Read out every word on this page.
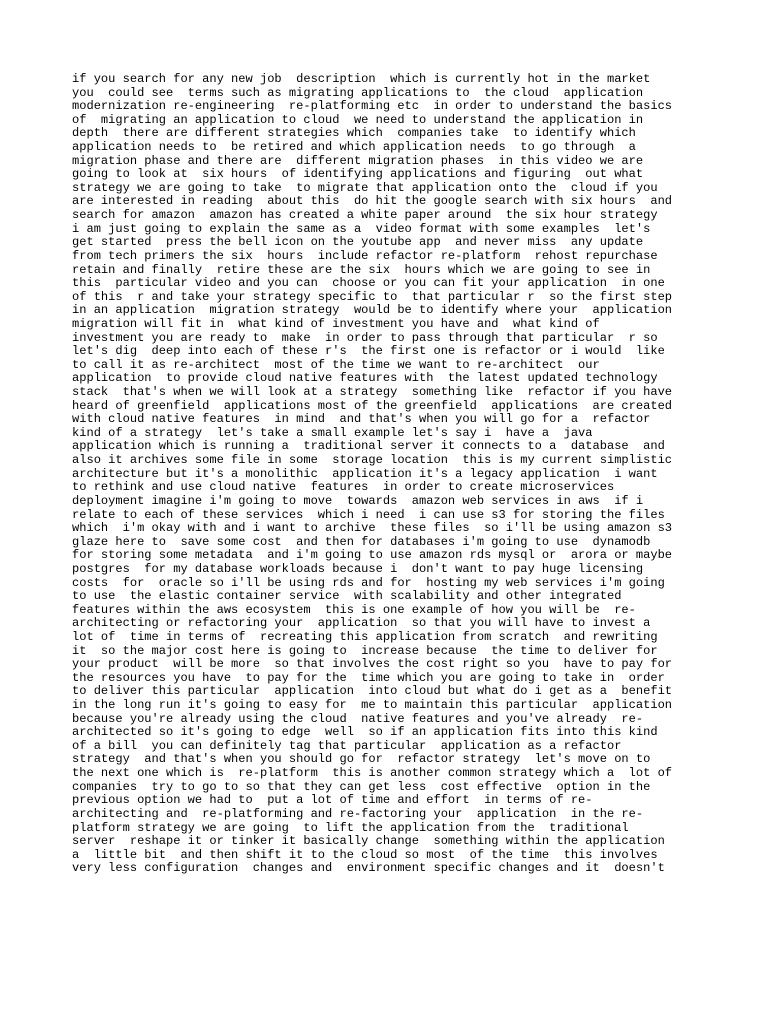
if you search for any new job  description  which is currently hot in the market
you  could see  terms such as migrating applications to  the cloud  application
modernization re-engineering  re-platforming etc  in order to understand the basics
of  migrating an application to cloud  we need to understand the application in
depth  there are different strategies which  companies take  to identify which
application needs to  be retired and which application needs  to go through  a
migration phase and there are  different migration phases  in this video we are
going to look at  six hours  of identifying applications and figuring  out what
strategy we are going to take  to migrate that application onto the  cloud if you
are interested in reading  about this  do hit the google search with six hours  and
search for amazon  amazon has created a white paper around  the six hour strategy
i am just going to explain the same as a  video format with some examples  let's
get started  press the bell icon on the youtube app  and never miss  any update
from tech primers the six  hours  include refactor re-platform  rehost repurchase
retain and finally  retire these are the six  hours which we are going to see in
this  particular video and you can  choose or you can fit your application  in one
of this  r and take your strategy specific to  that particular r  so the first step
in an application  migration strategy  would be to identify where your  application
migration will fit in  what kind of investment you have and  what kind of
investment you are ready to  make  in order to pass through that particular  r so
let's dig  deep into each of these r's  the first one is refactor or i would  like
to call it as re-architect  most of the time we want to re-architect  our
application  to provide cloud native features with  the latest updated technology
stack  that's when we will look at a strategy  something like  refactor if you have
heard of greenfield  applications most of the greenfield  applications  are created
with cloud native features  in mind  and that's when you will go for a  refactor
kind of a strategy  let's take a small example let's say i  have a  java
application which is running a  traditional server it connects to a  database  and
also it archives some file in some  storage location  this is my current simplistic
architecture but it's a monolithic  application it's a legacy application  i want
to rethink and use cloud native  features  in order to create microservices
deployment imagine i'm going to move  towards  amazon web services in aws  if i
relate to each of these services  which i need  i can use s3 for storing the files
which  i'm okay with and i want to archive  these files  so i'll be using amazon s3
glaze here to  save some cost  and then for databases i'm going to use  dynamodb
for storing some metadata  and i'm going to use amazon rds mysql or  arora or maybe
postgres  for my database workloads because i  don't want to pay huge licensing
costs  for  oracle so i'll be using rds and for  hosting my web services i'm going
to use  the elastic container service  with scalability and other integrated
features within the aws ecosystem  this is one example of how you will be  re-
architecting or refactoring your  application  so that you will have to invest a
lot of  time in terms of  recreating this application from scratch  and rewriting
it  so the major cost here is going to  increase because  the time to deliver for
your product  will be more  so that involves the cost right so you  have to pay for
the resources you have  to pay for the  time which you are going to take in  order
to deliver this particular  application  into cloud but what do i get as a  benefit
in the long run it's going to easy for  me to maintain this particular  application
because you're already using the cloud  native features and you've already  re-
architected so it's going to edge  well  so if an application fits into this kind
of a bill  you can definitely tag that particular  application as a refactor
strategy  and that's when you should go for  refactor strategy  let's move on to
the next one which is  re-platform  this is another common strategy which a  lot of
companies  try to go to so that they can get less  cost effective  option in the
previous option we had to  put a lot of time and effort  in terms of re-
architecting and  re-platforming and re-factoring your  application  in the re-
platform strategy we are going  to lift the application from the  traditional
server  reshape it or tinker it basically change  something within the application
a  little bit  and then shift it to the cloud so most  of the time  this involves
very less configuration  changes and  environment specific changes and it  doesn't
